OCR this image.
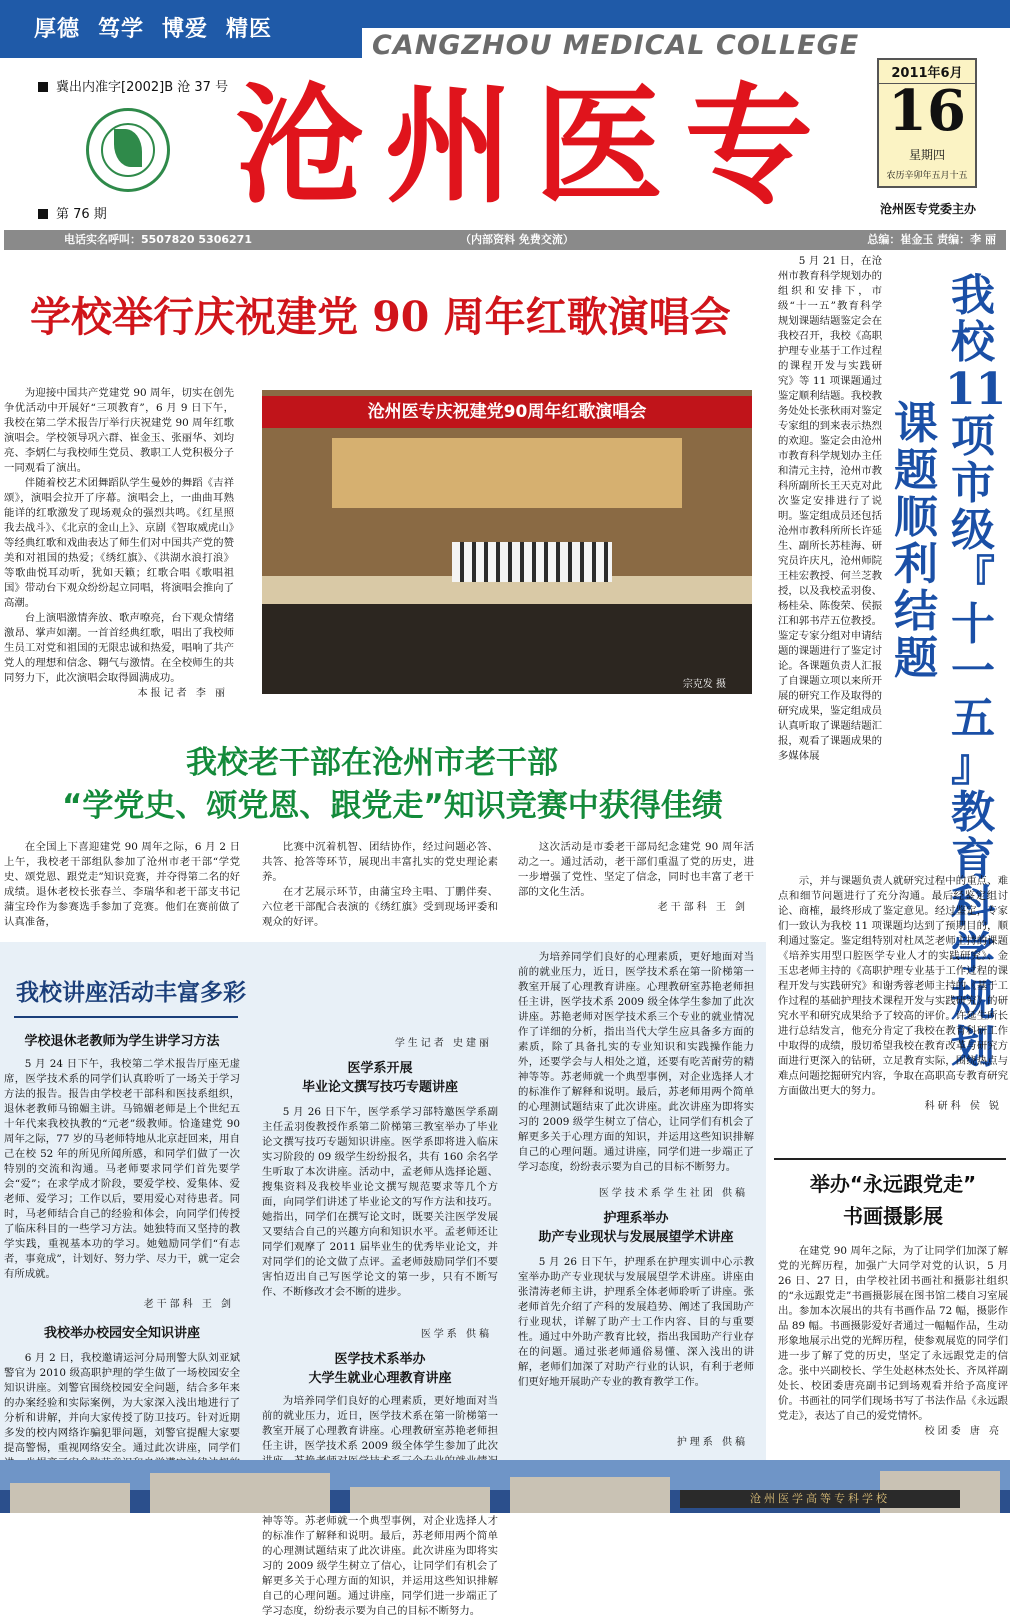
厚德 笃学 博爱 精医
CANGZHOU MEDICAL COLLEGE
冀出内准字[2002]B 沧 37 号
第 76 期 沧州医专	2011年6月
16
星期四
农历辛卯年五月十五
沧州医专党委主办
电话实名呼叫：5507820 5306271	（内部资料 免费交流）	总编：崔金玉 责编：李 丽
学校举行庆祝建党 90 周年红歌演唱会

为迎接中国共产党建党 90 周年，切实在创先争优活动中开展好“三项教育”，6 月 9 日下午，我校在第二学术报告厅举行庆祝建党 90 周年红歌演唱会。学校领导巩六群、崔金玉、张丽华、刘均亮、李炳仁与我校师生党员、教职工人党积极分子一同观看了演出。

伴随着校艺术团舞蹈队学生曼妙的舞蹈《吉祥颂》，演唱会拉开了序幕。演唱会上，一曲曲耳熟能详的红歌激发了现场观众的强烈共鸣。《红星照我去战斗》、《北京的金山上》、京剧《智取威虎山》等经典红歌和戏曲表达了师生们对中国共产党的赞美和对祖国的热爱；《绣红旗》、《洪湖水浪打浪》等歌曲悦耳动听，犹如天籁；红歌合唱《歌唱祖国》带动台下观众纷纷起立同唱，将演唱会推向了高潮。

台上演唱激情奔放、歌声嘹亮，台下观众情绪激昂、掌声如潮。一首首经典红歌，唱出了我校师生员工对党和祖国的无限忠诚和热爱，唱响了共产党人的理想和信念、翱气与激情。在全校师生的共同努力下，此次演唱会取得圆满成功。

本报记者 李 丽
沧州医专庆祝建党90周年红歌演唱会
宗克发 摄
我校老干部在沧州市老干部
“学党史、颂党恩、跟党走”知识竞赛中获得佳绩

在全国上下喜迎建党 90 周年之际，6 月 2 日上午，我校老干部组队参加了沧州市老干部“学党史、颂党恩、跟党走”知识竞赛，并夺得第二名的好成绩。退休老校长张春兰、李瑞华和老干部支书记蒲宝玲作为参赛选手参加了竞赛。他们在赛前做了认真准备，

比赛中沉着机智、团结协作，经过问题必答、共答、抢答等环节，展现出丰富扎实的党史理论素养。

在才艺展示环节，由蒲宝玲主唱、丁鹏伴奏、六位老干部配合表演的《绣红旗》受到现场评委和观众的好评。

这次活动是市委老干部局纪念建党 90 周年活动之一。通过活动，老干部们重温了党的历史，进一步增强了党性、坚定了信念，同时也丰富了老干部的文化生活。

老干部科 王 剑
我
校
11
项
市
级
『
十
一
五
』
教
育
科
学
规
划
课
题
顺
利
结
题

5 月 21 日，在沧州市教育科学规划办的组织和安排下，市级“十一五”教育科学规划课题结题鉴定会在我校召开，我校《高职护理专业基于工作过程的课程开发与实践研究》等 11 项课题通过鉴定顺利结题。我校教务处处长张秋雨对鉴定专家组的到来表示热烈的欢迎。鉴定会由沧州市教育科学规划办主任和清元主持，沧州市教科所副所长王天克对此次鉴定安排进行了说明。鉴定组成员还包括沧州市教科所所长许延生、副所长苏桂海、研究员许庆凡，沧州师院王桂宏教授、何兰芝教授，以及我校孟羽俊、杨桂朵、陈俊荣、侯振江和郭书芹五位教授。鉴定专家分组对申请结题的课题进行了鉴定讨论。各课题负责人汇报了自课题立项以来所开展的研究工作及取得的研究成果，鉴定组成员认真听取了课题结题汇报，观看了课题成果的多媒体展

示，并与课题负责人就研究过程中的重点、难点和细节问题进行了充分沟通。最后经鉴定组讨论、商榷，最终形成了鉴定意见。经过鉴定，专家们一致认为我校 11 项课题均达到了预期目的，顺利通过鉴定。鉴定组特别对杜凤芝老师主持的课题《培养实用型口腔医学专业人才的实践研究》、金玉忠老师主持的《高职护理专业基于工作过程的课程开发与实践研究》和谢秀蓉老师主持的《基于工作过程的基础护理技术课程开发与实践研究》的研究水平和研究成果给予了较高的评价。许延生所长进行总结发言，他充分肯定了我校在教育科研工作中取得的成绩，殷切希望我校在教育改革与研究方面进行更深入的钻研，立足教育实际，围绕热点与难点问题挖掘研究内容，争取在高职高专教育研究方面做出更大的努力。

科研科 侯 锐
我校讲座活动丰富多彩
学校退休老教师为学生讲学习方法

5 月 24 日下午，我校第二学术报告厅座无虚席，医学技术系的同学们认真聆听了一场关于学习方法的报告。报告由学校老干部科和医技系组织，退休老教师马锦媚主讲。马锦媚老师是上个世纪五十年代来我校执教的“元老”级教师。恰逢建党 90 周年之际，77 岁的马老师特地从北京赶回来，用自己在校 52 年的所见所闻所感，和同学们做了一次特别的交流和沟通。马老师要求同学们首先要学会“爱”；在求学成才阶段，要爱学校、爱集体、爱老师、爱学习；工作以后，要用爱心对待患者。同时，马老师结合自己的经验和体会，向同学们传授了临床科目的一些学习方法。她独特而又坚持的教学实践，重视基本功的学习。她勉励同学们“有志者，事竟成”，计划好、努力学、尽力干，就一定会有所成就。

老干部科 王 剑
我校举办校园安全知识讲座

6 月 2 日，我校邀请运河分局刑警大队刘亚斌警官为 2010 级高职护理的学生做了一场校园安全知识讲座。刘警官围绕校园安全问题，结合多年来的办案经验和实际案例，为大家深入浅出地进行了分析和讲解，并向大家传授了防卫技巧。针对近期多发的校内网络诈骗犯罪问题，刘警官提醒大家要提高警惕，重视网络安全。通过此次讲座，同学们

学生记者 史建丽
医学系开展
毕业论文撰写技巧专题讲座

5 月 26 日下午，医学系学习部特邀医学系副主任孟羽俊教授作系第二阶梯第三教室举办了毕业论文撰写技巧专题知识讲座。医学系即将进入临床实习阶段的 09 级学生纷纷报名，共有 160 余名学生听取了本次讲座。活动中，孟老师从选择论题、搜集资料及我校毕业论文撰写规范要求等几个方面，向同学们讲述了毕业论文的写作方法和技巧。她指出，同学们在撰写论文时，既要关注医学发展又要结合自己的兴趣方向和知识水平。孟老师还让同学们观摩了 2011 届毕业生的优秀毕业论文，并对同学们的论文做了点评。孟老师鼓励同学们不要害怕迈出自己写医学论文的第一步，只有不断写作、不断修改才会不断的进步。

医学系 供稿
医学技术系举办
大学生就业心理教育讲座

为培养同学们良好的心理素质，更好地面对当前的就业压力，近日，医学技术系在第一阶梯第一教室开展了心理教育讲座。心理教研室苏艳老师担任主讲，医学技术系 2009 级全体学生参加了此次 神等等。苏老师就一个典型事例，对企业选择人才的标准作了解释和说明。最后，苏老师用两个简单的心理测试题结束了此次讲座。此次讲座为即将实习的 2009 级学生树立了信心，让同学们有机会了解更多关于心理方面的知识，并运用这些知识排解自己的心理问题。通过讲座，同学们进一步端正了学习态度，纷纷表示要为自己的目标不断努力。

为培养同学们良好的心理素质，更好地面对当前的就业压力，近日，医学技术系在第一阶梯第一教室开展了心理教育讲座。心理教研室苏艳老师担任主讲，医学技术系 2009 级全体学生参加了此次讲座。苏艳老师对医学技术系三个专业的就业情况作了详细的分析，指出当代大学生应具备多方面的素质，除了具备扎实的专业知识和实践操作能力外，还要学会与人相处之道，还要有吃苦耐劳的精神等等。苏老师就一个典型事例，对企业选择人才的标准作了解释和说明。最后，苏老师用两个简单的心理测试题结束了此次讲座。此次讲座为即将实习的 2009 级学生树立了信心，让同学们有机会了解更多关于心理方面的知识，并运用这些知识排解自己的心理问题。通过讲座，同学们进一步端正了学习态度，纷纷表示要为自己的目标不断努力。

医学技术系学生社团 供稿
护理系举办
助产专业现状与发展展望学术讲座

5 月 26 日下午，护理系在护理实训中心示教室举办助产专业现状与发展展望学术讲座。讲座由张清涛老师主讲，护理系全体老师聆听了讲座。张老师首先介绍了产科的发展趋势、阐述了我国助产行业现状，详解了助产士工作内容、目的与重要性。通过中外助产教育比较，指出我国助产行业存在的问题。通过张老师通俗易懂、深入浅出的讲解，老师们加深了对助产行业的认识，有利于老师们更好地开展助产专业的教育教学工作。

护理系 供稿
举办“永远跟党走”
书画摄影展

在建党 90 周年之际，为了让同学们加深了解党的光辉历程，加强广大同学对党的认识，5 月 26 日、27 日，由学校社团书画社和摄影社组织的“永远跟党走”书画摄影展在图书馆二楼自习室展出。参加本次展出的共有书画作品 72 幅，摄影作品 89 幅。书画摄影爱好者通过一幅幅作品，生动形象地展示出党的光辉历程，使参观展览的同学们进一步了解了党的历史，坚定了永远跟党走的信念。张中兴副校长、学生处赵林杰处长、齐凤祥副处长、校团委唐亮副书记到场观看并给予高度评价。书画社的同学们现场书写了书法作品《永远跟党走》，表达了自己的爱党情怀。

校团委 唐 亮
沧州医学高等专科学校
